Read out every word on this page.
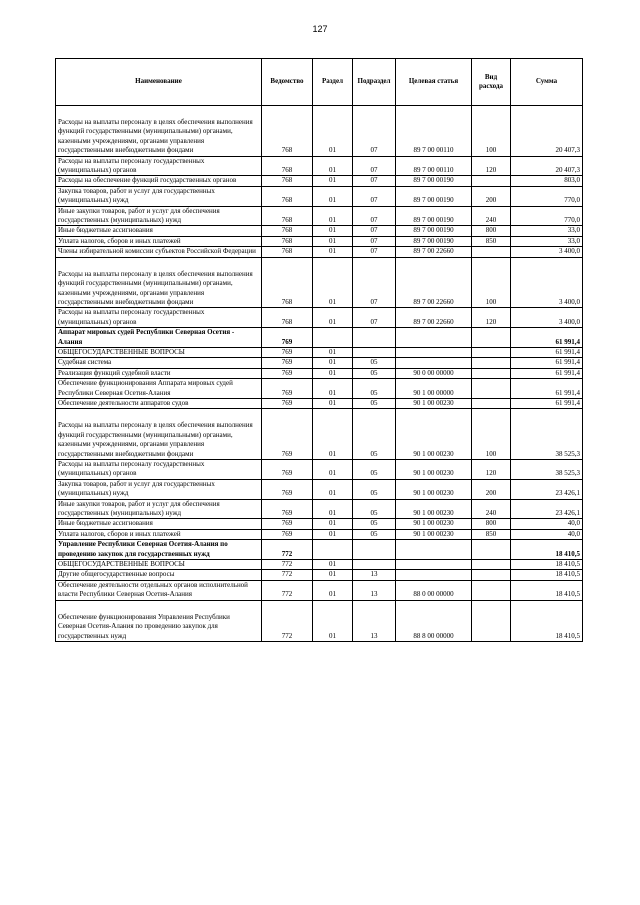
127
Наименование	Ведомство	Раздел	Подраздел	Целевая статья	Вид расхода	Сумма
Расходы на выплаты персоналу в целях обеспечения выполнения функций государственными (муниципальными) органами, казенными учреждениями, органами управления государственными внебюджетными фондами	768	01	07	89 7 00 00110	100	20 407,3
Расходы на выплаты персоналу государственных (муниципальных) органов	768	01	07	89 7 00 00110	120	20 407,3
Расходы на обеспечение функций государственных органов	768	01	07	89 7 00 00190		803,0
Закупка товаров, работ и услуг для государственных (муниципальных) нужд	768	01	07	89 7 00 00190	200	770,0
Иные закупки товаров, работ и услуг для обеспечения государственных (муниципальных) нужд	768	01	07	89 7 00 00190	240	770,0
Иные бюджетные ассигнования	768	01	07	89 7 00 00190	800	33,0
Уплата налогов, сборов и иных платежей	768	01	07	89 7 00 00190	850	33,0
Члены избирательной комиссии субъектов Российской Федерации	768	01	07	89 7 00 22660		3 400,0
Расходы на выплаты персоналу в целях обеспечения выполнения функций государственными (муниципальными) органами, казенными учреждениями, органами управления государственными внебюджетными фондами	768	01	07	89 7 00 22660	100	3 400,0
Расходы на выплаты персоналу государственных (муниципальных) органов	768	01	07	89 7 00 22660	120	3 400,0
Аппарат мировых судей Республики Северная Осетия - Алания	769					61 991,4
ОБЩЕГОСУДАРСТВЕННЫЕ ВОПРОСЫ	769	01				61 991,4
Судебная система	769	01	05			61 991,4
Реализация функций судебной власти	769	01	05	90 0 00 00000		61 991,4
Обеспечение функционирования Аппарата мировых судей Республики Северная Осетия-Алания	769	01	05	90 1 00 00000		61 991,4
Обеспечение деятельности аппаратов судов	769	01	05	90 1 00 00230		61 991,4
Расходы на выплаты персоналу в целях обеспечения выполнения функций государственными (муниципальными) органами, казенными учреждениями, органами управления государственными внебюджетными фондами	769	01	05	90 1 00 00230	100	38 525,3
Расходы на выплаты персоналу государственных (муниципальных) органов	769	01	05	90 1 00 00230	120	38 525,3
Закупка товаров, работ и услуг для государственных (муниципальных) нужд	769	01	05	90 1 00 00230	200	23 426,1
Иные закупки товаров, работ и услуг для обеспечения государственных (муниципальных) нужд	769	01	05	90 1 00 00230	240	23 426,1
Иные бюджетные ассигнования	769	01	05	90 1 00 00230	800	40,0
Уплата налогов, сборов и иных платежей	769	01	05	90 1 00 00230	850	40,0
Управление Республики Северная Осетия-Алания по проведению закупок для государственных нужд	772					18 410,5
ОБЩЕГОСУДАРСТВЕННЫЕ ВОПРОСЫ	772	01				18 410,5
Другие общегосударственные вопросы	772	01	13			18 410,5
Обеспечение деятельности отдельных органов исполнительной власти Республики Северная Осетия-Алания	772	01	13	88 0 00 00000		18 410,5
Обеспечение функционирования Управления Республики Северная Осетия-Алания по проведению закупок для государственных нужд	772	01	13	88 8 00 00000		18 410,5
